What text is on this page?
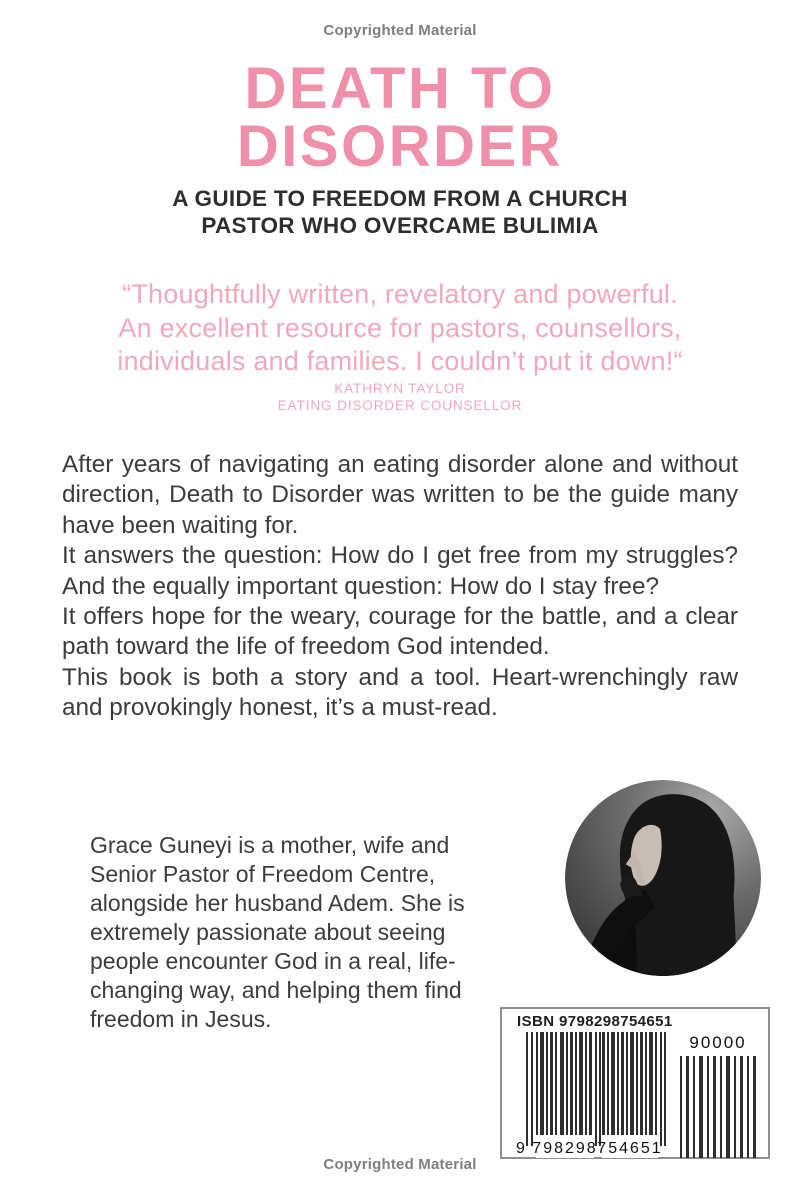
Copyrighted Material
DEATH TO
DISORDER
A GUIDE TO FREEDOM FROM A CHURCH
PASTOR WHO OVERCAME BULIMIA
“Thoughtfully written, revelatory and powerful.
An excellent resource for pastors, counsellors,
individuals and families. I couldn’t put it down!“
KATHRYN TAYLOR
EATING DISORDER COUNSELLOR

After years of navigating an eating disorder alone and without direction, Death to Disorder was written to be the guide many have been waiting for.

It answers the question: How do I get free from my struggles? And the equally important question: How do I stay free?

It offers hope for the weary, courage for the battle, and a clear path toward the life of freedom God intended.

This book is both a story and a tool. Heart-wrenchingly raw and provokingly honest, it’s a must-read.

Grace Guneyi is a mother, wife and Senior Pastor of Freedom Centre, alongside her husband Adem. She is extremely passionate about seeing people encounter God in a real, life-changing way, and helping them find freedom in Jesus.	ISBN 9798298754651
9 798298 754651
90000
Copyrighted Material
